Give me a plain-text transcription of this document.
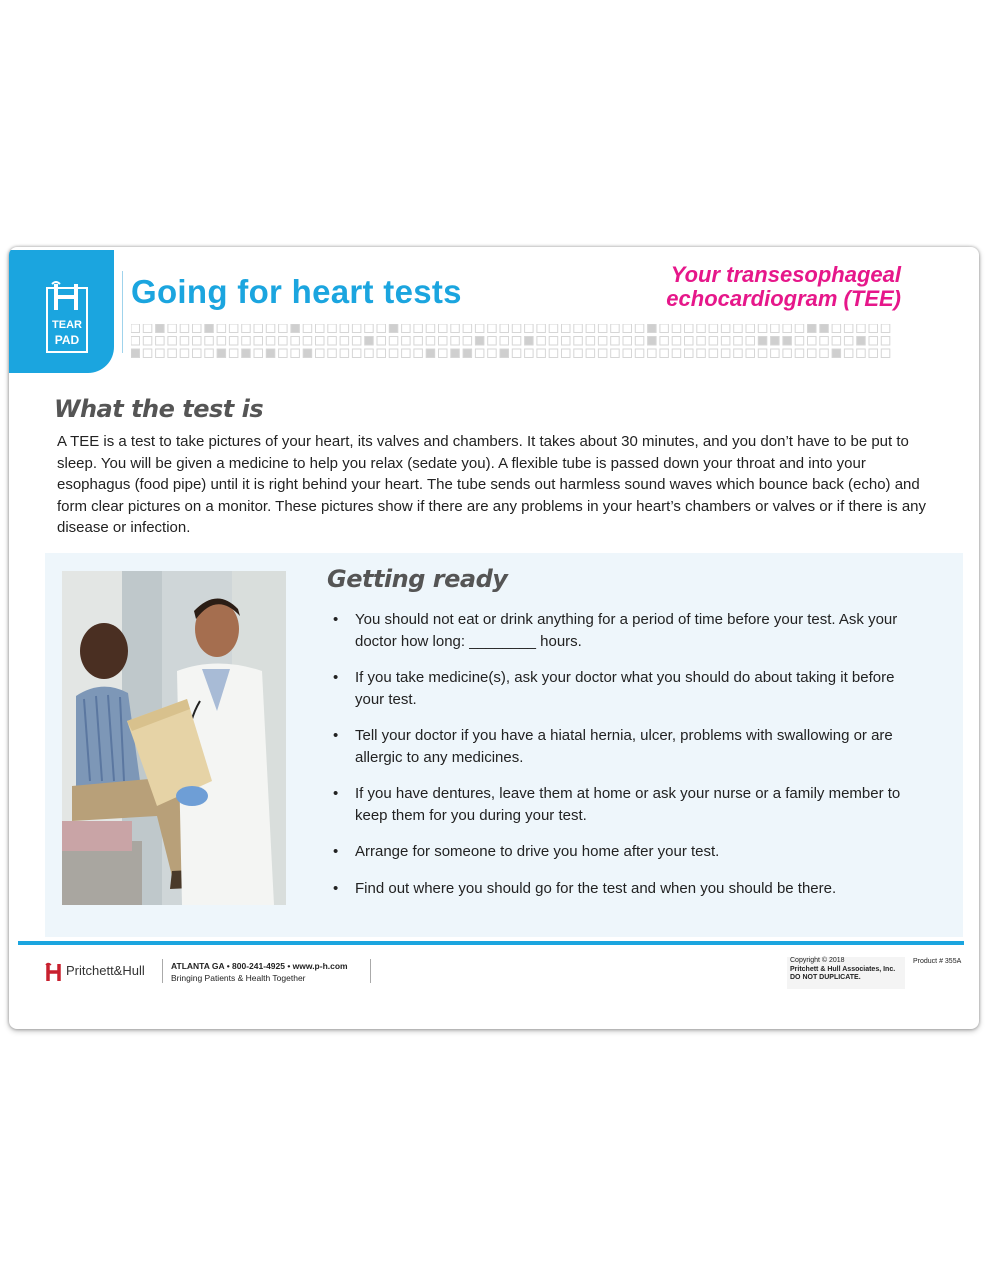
TEAR
PAD
Going for heart tests	Your transesophageal
echocardiogram (TEE)
What the test is
A TEE is a test to take pictures of your heart, its valves and chambers. It takes about 30 minutes, and you don’t have to be put to sleep. You will be given a medicine to help you relax (sedate you). A flexible tube is passed down your throat and into your esophagus (food pipe) until it is right behind your heart. The tube sends out harmless sound waves which bounce back (echo) and form clear pictures on a monitor. These pictures show if there are any problems in your heart’s chambers or valves or if there is any disease or infection.
Getting ready
• You should not eat or drink anything for a period of time before your test. Ask your doctor how long: ________ hours.
• If you take medicine(s), ask your doctor what you should do about taking it before your test.
• Tell your doctor if you have a hiatal hernia, ulcer, problems with swallowing or are allergic to any medicines.
• If you have dentures, leave them at home or ask your nurse or a family member to keep them for you during your test.
• Arrange for someone to drive you home after your test.
• Find out where you should go for the test and when you should be there.
Pritchett&Hull	ATLANTA GA • 800-241-4925 • www.p-h.com
Bringing Patients & Health Together
Copyright © 2018
Pritchett & Hull Associates, Inc.
DO NOT DUPLICATE.
Product # 355A
